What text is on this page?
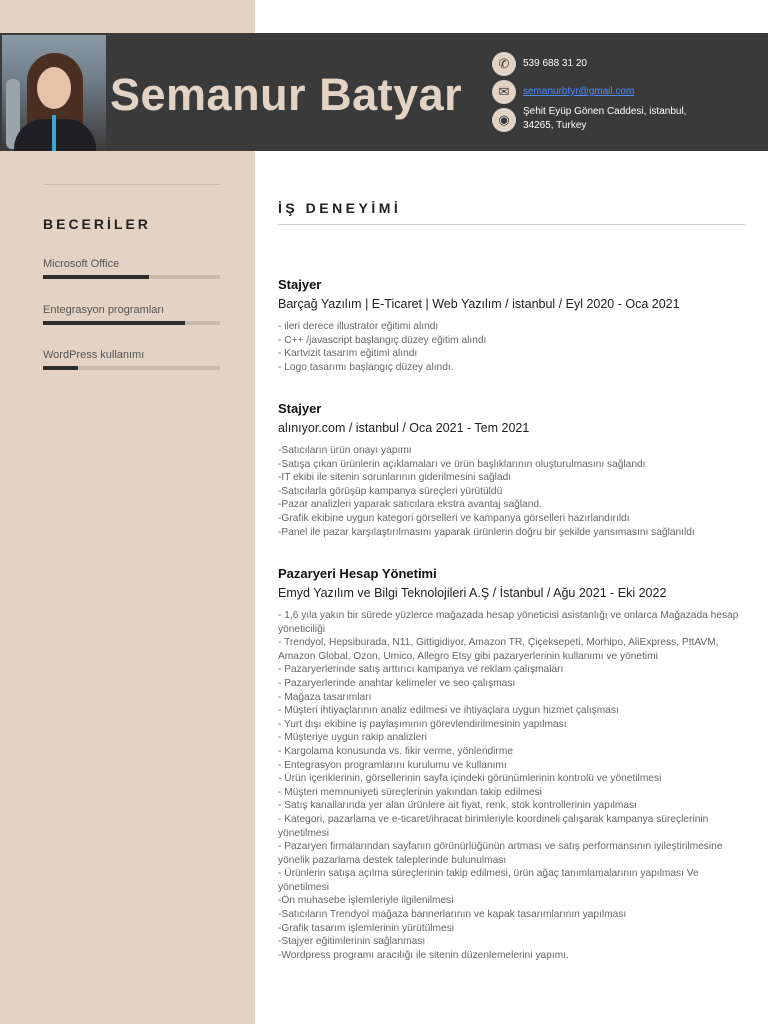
Semanur Batyar
✆	539 688 31 20
✉	semanurbtyr@gmail.com
◉
Şehit Eyüp Gönen Caddesi, istanbul,
34265, Turkey
BECERİLER
Microsoft Office
Entegrasyon programları
WordPress kullanımı
İŞ DENEYİMİ
Stajyer
Barçağ Yazılım | E-Ticaret | Web Yazılım / istanbul / Eyl 2020 - Oca 2021
- ileri derece illustrator eğitimi alındı
- C++ /javascript başlangıç düzey eğitim alındı
- Kartvizit tasarım eğitimi alındı
- Logo tasarımı başlangıç düzey alındı.
Stajyer
alınıyor.com / istanbul / Oca 2021 - Tem 2021
-Satıcıların ürün onayı yapımı
-Satışa çıkan ürünlerin açıklamaları ve ürün başlıklarının oluşturulmasını sağlandı
-IT ekibi ile sitenin sorunlarının giderilmesini sağladı
-Satıcılarla görüşüp kampanya süreçleri yürütüldü
-Pazar analizleri yaparak satıcılara ekstra avantaj sağland.
-Grafik ekibine uygun kategori görselleri ve kampanya görselleri hazırlandırıldı
-Panel ile pazar karşılaştırılmasını yaparak ürünlerin doğru bir şekilde yansımasını sağlanıldı
Pazaryeri Hesap Yönetimi
Emyd Yazılım ve Bilgi Teknolojileri A.Ş / İstanbul / Ağu 2021 - Eki 2022
- 1,6 yıla yakın bir sürede yüzlerce mağazada hesap yöneticisi asistanlığı ve onlarca Mağazada hesap yöneticiliği
- Trendyol, Hepsiburada, N11, Gittigidiyor, Amazon TR, Çiçeksepeti, Morhipo, AliExpress, PttAVM, Amazon Global, Ozon, Umico, Allegro Etsy gibi pazaryerlerinin kullanımı ve yönetimi
- Pazaryerlerinde satış arttırıcı kampanya ve reklam çalışmaları
- Pazaryerlerinde anahtar kelimeler ve seo çalışması
- Mağaza tasarımları
- Müşteri ihtiyaçlarının analiz edilmesi ve ihtiyaçlara uygun hizmet çalışması
- Yurt dışı ekibine iş paylaşımının görevlendirilmesinin yapılması
- Müşteriye uygun rakip analizleri
- Kargolama konusunda vs. fikir verme, yönlendirme
- Entegrasyon programlarını kurulumu ve kullanımı
- Ürün içeriklerinin, görsellerinin sayfa içindeki görünümlerinin kontrolü ve yönetilmesi
- Müşteri memnuniyeti süreçlerinin yakından takip edilmesi
- Satış kanallarında yer alan ürünlere ait fiyat, renk, stok kontrollerinin yapılması
- Kategori, pazarlama ve e-ticaret/ihracat birimleriyle koordineli çalışarak kampanya süreçlerinin yönetilmesi
- Pazaryeri firmalarından sayfanın görünürlüğünün artması ve satış performansının iyileştirilmesine yönelik pazarlama destek taleplerinde bulunulması
- Ürünlerin satışa açılma süreçlerinin takip edilmesi, ürün ağaç tanımlamalarının yapılması Ve yönetilmesi
-Ön muhasebe işlemleriyle ilgilenilmesi
-Satıcıların Trendyol mağaza bannerlarının ve kapak tasarımlarının yapılması
-Grafik tasarım işlemlerinin yürütülmesi
-Stajyer eğitimlerinin sağlanması
-Wordpress programı aracılığı ile sitenin düzenlemelerini yapımı.
